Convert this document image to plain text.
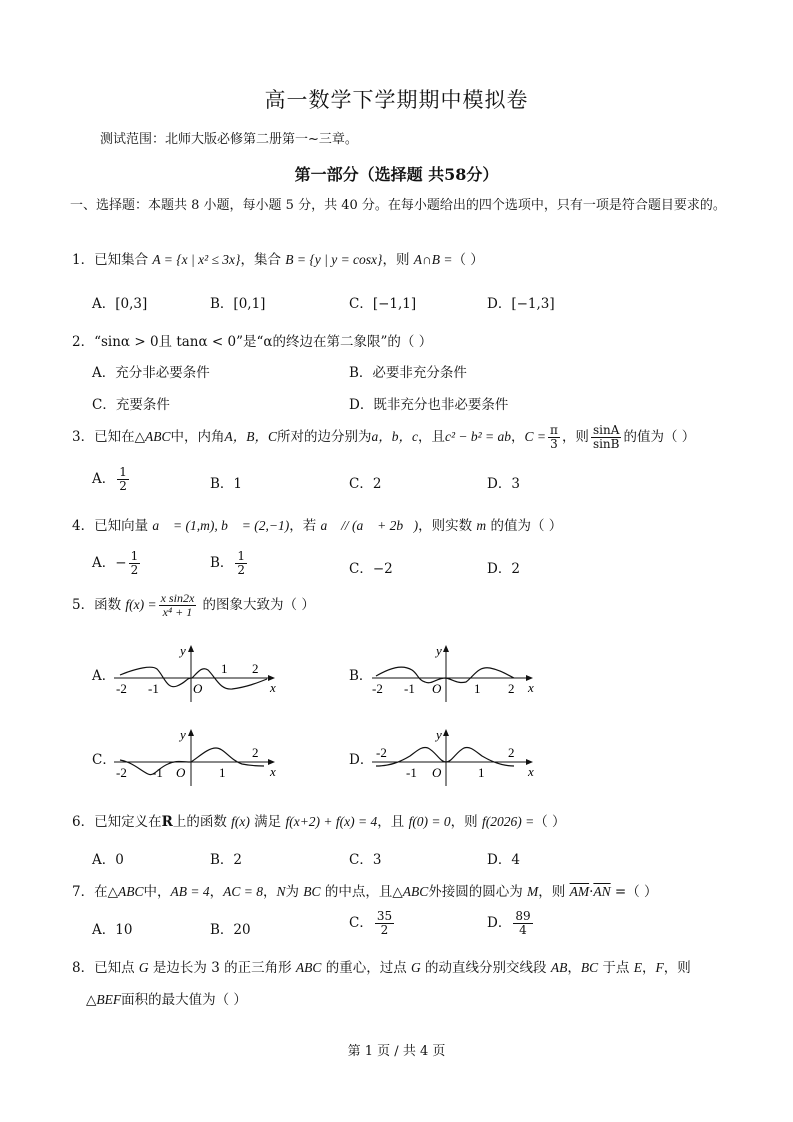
高一数学下学期期中模拟卷
测试范围：北师大版必修第二册第一~三章。
第一部分（选择题 共58分）
一、选择题：本题共 8 小题，每小题 5 分，共 40 分。在每小题给出的四个选项中，只有一项是符合题目要求的。
1．已知集合 A = {x | x² ≤ 3x}，集合 B = {y | y = cosx}，则 A∩B =（ ）
A．[0,3]	B．[0,1]	C．[−1,1]	D．[−1,3]
2．“sinα > 0且 tanα < 0”是“α的终边在第二象限”的（ ）
A．充分非必要条件	B．必要非充分条件
C．充要条件	D．既非充分也非必要条件
3．已知在△ABC中，内角A，B，C所对的边分别为a，b，c，且c² − b² = ab，$C = \frac{\pi}{3}$ ，则 $\frac{\sin A}{\sin B}$ 的值为（ ）
A． $\frac{1}{2}$	B．1	C．2	D．3
4．已知向量 a⃗ = (1,m), b⃗ = (2,−1)，若 a⃗ // (a⃗ + 2b⃗)，则实数 m 的值为（ ）
A．− $\frac{1}{2}$	B． $\frac{1}{2}$	C．−2	D．2
5．函数 $f(x) = \frac{\text{x sin2x}}{\text{x⁴ + 1}}$ 的图象大致为（ ）
A．	B．
C．	D．
-2 -1	O
1 2
x
y
-2 -1 O	1 2 x
y
-2 -1 O	1
2
x
y
-2
-1 O	1
2
x
y
6．已知定义在R上的函数 f(x) 满足 f(x+2) + f(x) = 4，且 f(0) = 0，则 f(2026) =（ ）
A．0	B．2	C．3	D．4
7．在△ABC中，AB = 4，AC = 8，N为 BC 的中点，且△ABC外接圆的圆心为 M，则 $\overline{AM}\cdot\overline{AN}$ =（ ）
A．10	B．20	C． $\frac{35}{2}$	D． $\frac{89}{4}$
8．已知点 G 是边长为 3 的正三角形 ABC 的重心，过点 G 的动直线分别交线段 AB，BC 于点 E，F，则
△BEF面积的最大值为（ ）
第 1 页 / 共 4 页
